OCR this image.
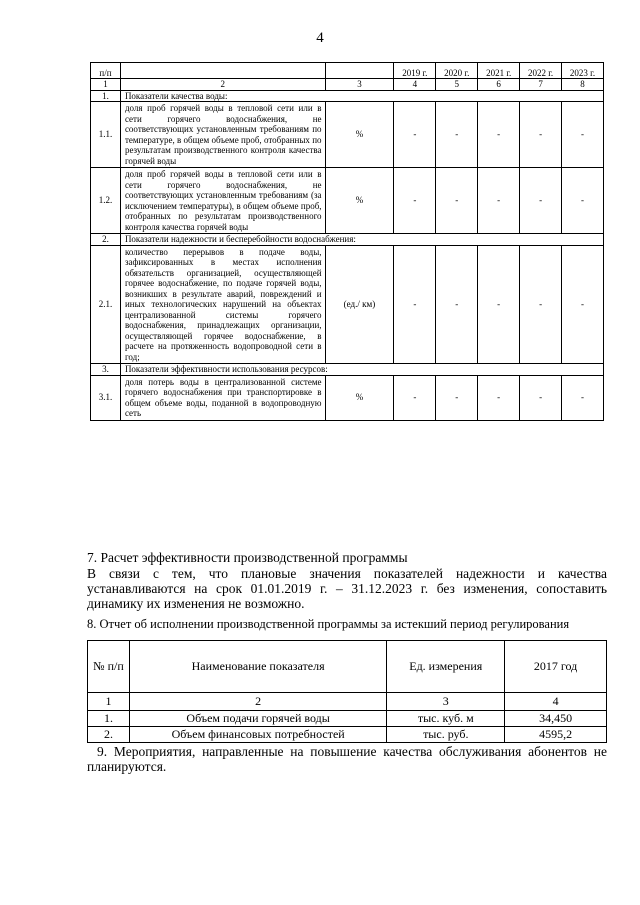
4
п/п			2019 г.	2020 г.	2021 г.	2022 г.	2023 г.
1	2	3	4	5	6	7	8
1.	Показатели качества воды:						
1.1.	доля проб горячей воды в тепловой сети или в сети горячего водоснабжения, не соответствующих установленным требованиям по температуре, в общем объеме проб, отобранных по результатам производственного контроля качества горячей воды	%	-	-	-	-	-
1.2.	доля проб горячей воды в тепловой сети или в сети горячего водоснабжения, не соответствующих установленным требованиям (за исключением температуры), в общем объеме проб, отобранных по результатам производственного контроля качества горячей воды	%	-	-	-	-	-
2.	Показатели надежности и бесперебойности водоснабжения:						
2.1.	количество перерывов в подаче воды, зафиксированных в местах исполнения обязательств организацией, осуществляющей горячее водоснабжение, по подаче горячей воды, возникших в результате аварий, повреждений и иных технологических нарушений на объектах централизованной системы горячего водоснабжения, принадлежащих организации, осуществляющей горячее водоснабжение, в расчете на протяженность водопроводной сети в год;	(ед./ км)	-	-	-	-	-
3.	Показатели эффективности использования ресурсов:						
3.1.	доля потерь воды в централизованной системе горячего водоснабжения при транспортировке в общем объеме воды, поданной в водопроводную сеть	%	-	-	-	-	-
7. Расчет эффективности производственной программы
В связи с тем, что плановые значения показателей надежности и качества устанавливаются на срок 01.01.2019 г. – 31.12.2023 г. без изменения, сопоставить динамику их изменения не возможно.
8. Отчет об исполнении производственной программы за истекший период регулирования
№ п/п	Наименование показателя	Ед. измерения	2017 год
1	2	3	4
1.	Объем подачи горячей воды	тыс. куб. м	34,450
2.	Объем финансовых потребностей	тыс. руб.	4595,2
9. Мероприятия, направленные на повышение качества обслуживания абонентов не планируются.
